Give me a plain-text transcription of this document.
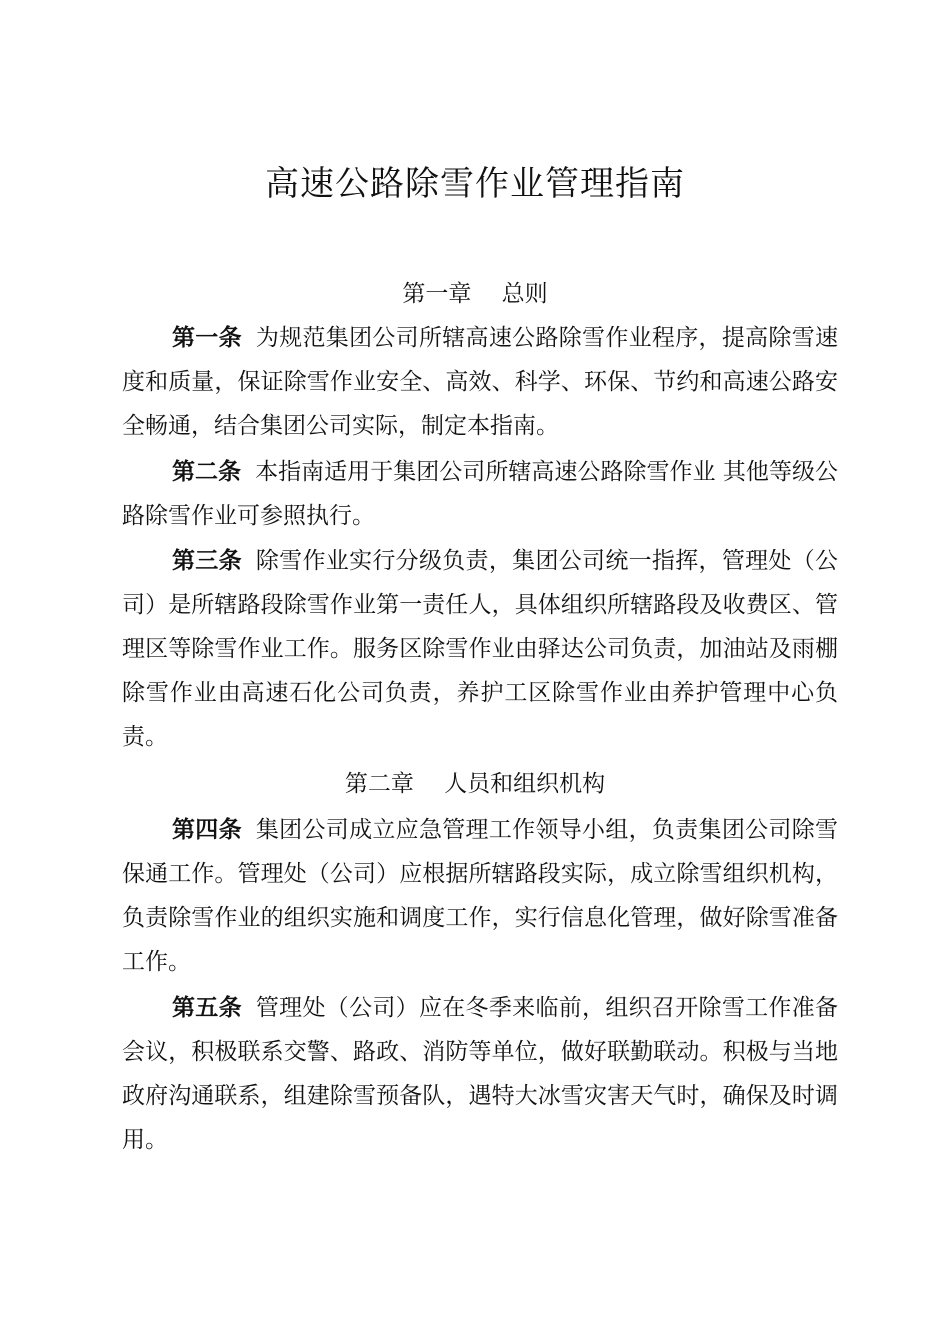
高速公路除雪作业管理指南
第一章　 总则

第一条 为规范集团公司所辖高速公路除雪作业程序，提高除雪速度和质量，保证除雪作业安全、高效、科学、环保、节约和高速公路安全畅通，结合集团公司实际，制定本指南。

第二条 本指南适用于集团公司所辖高速公路除雪作业 其他等级公路除雪作业可参照执行。

第三条 除雪作业实行分级负责，集团公司统一指挥，管理处（公司）是所辖路段除雪作业第一责任人，具体组织所辖路段及收费区、管理区等除雪作业工作。服务区除雪作业由驿达公司负责，加油站及雨棚除雪作业由高速石化公司负责，养护工区除雪作业由养护管理中心负责。

第二章　 人员和组织机构

第四条 集团公司成立应急管理工作领导小组，负责集团公司除雪保通工作。管理处（公司）应根据所辖路段实际，成立除雪组织机构，负责除雪作业的组织实施和调度工作，实行信息化管理，做好除雪准备工作。

第五条 管理处（公司）应在冬季来临前，组织召开除雪工作准备会议，积极联系交警、路政、消防等单位，做好联勤联动。积极与当地政府沟通联系，组建除雪预备队，遇特大冰雪灾害天气时，确保及时调用。
